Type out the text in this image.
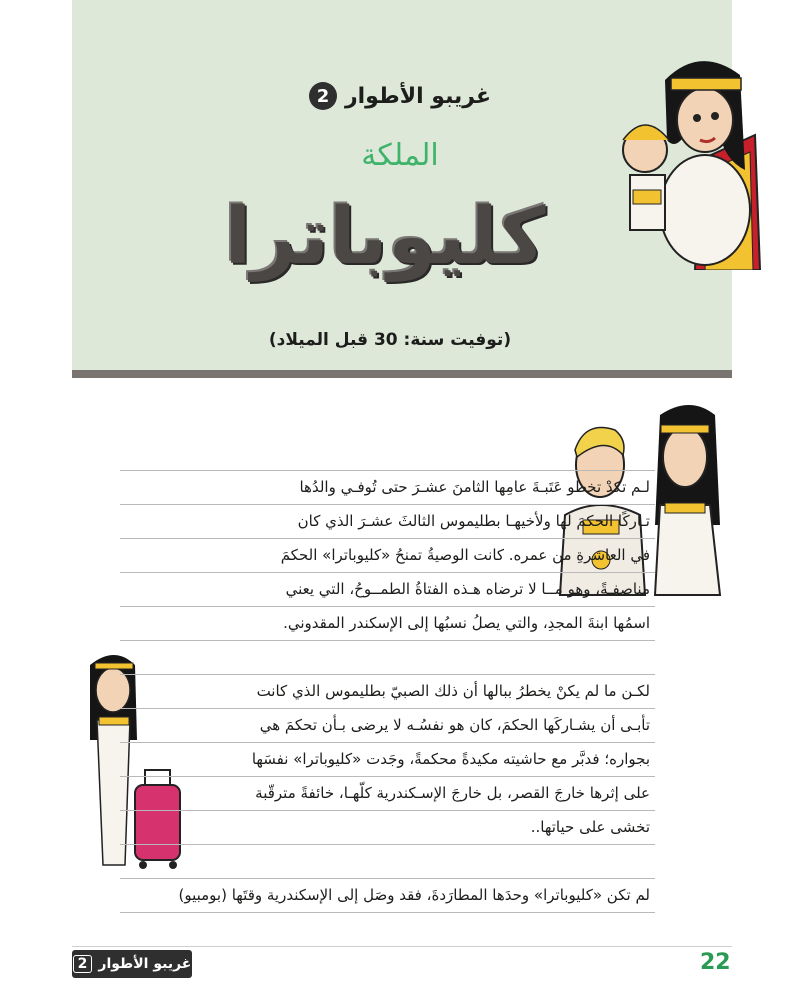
غريبو الأطوار
2
الملكة
كليوباترا
(توفيت سنة: 30 قبل الميلاد)

لـم تكدْ تخطو عَتَبـةَ عامِها الثامنَ عشـرَ حتى تُوفـي والدُها

تـاركًا الحكمَ لها ولأخيهـا بطليموس الثالثَ عشـرَ الذي كان

في العاشرةِ من عمره. كانت الوصيةُ تمنحُ «كليوباترا» الحكمَ

مناصفـةً، وهو مــا لا ترضاه هـذه الفتاةُ الطمــوحُ، التي يعني

اسمُها ابنةَ المجدِ، والتي يصلُ نسبُها إلى الإسكندر المقدوني.

لكـن ما لم يكنْ يخطرُ ببالها أن ذلك الصبيّ بطليموس الذي كانت

تأبـى أن يشـاركَها الحكمَ، كان هو نفسُـه لا يرضى بـأن تحكمَ هي

بجواره؛ فدبَّر مع حاشيته مكيدةً محكمةً، وجَدت «كليوباترا» نفسَها

على إثرها خارجَ القصر، بل خارجَ الإسـكندرية كلّهـا، خائفةً مترقّبة

تخشى على حياتها..

لم تكن «كليوباترا» وحدَها المطارَدةَ، فقد وصَل إلى الإسكندرية وقتَها (بومبيو)

غريبو الأطوار
2	22
